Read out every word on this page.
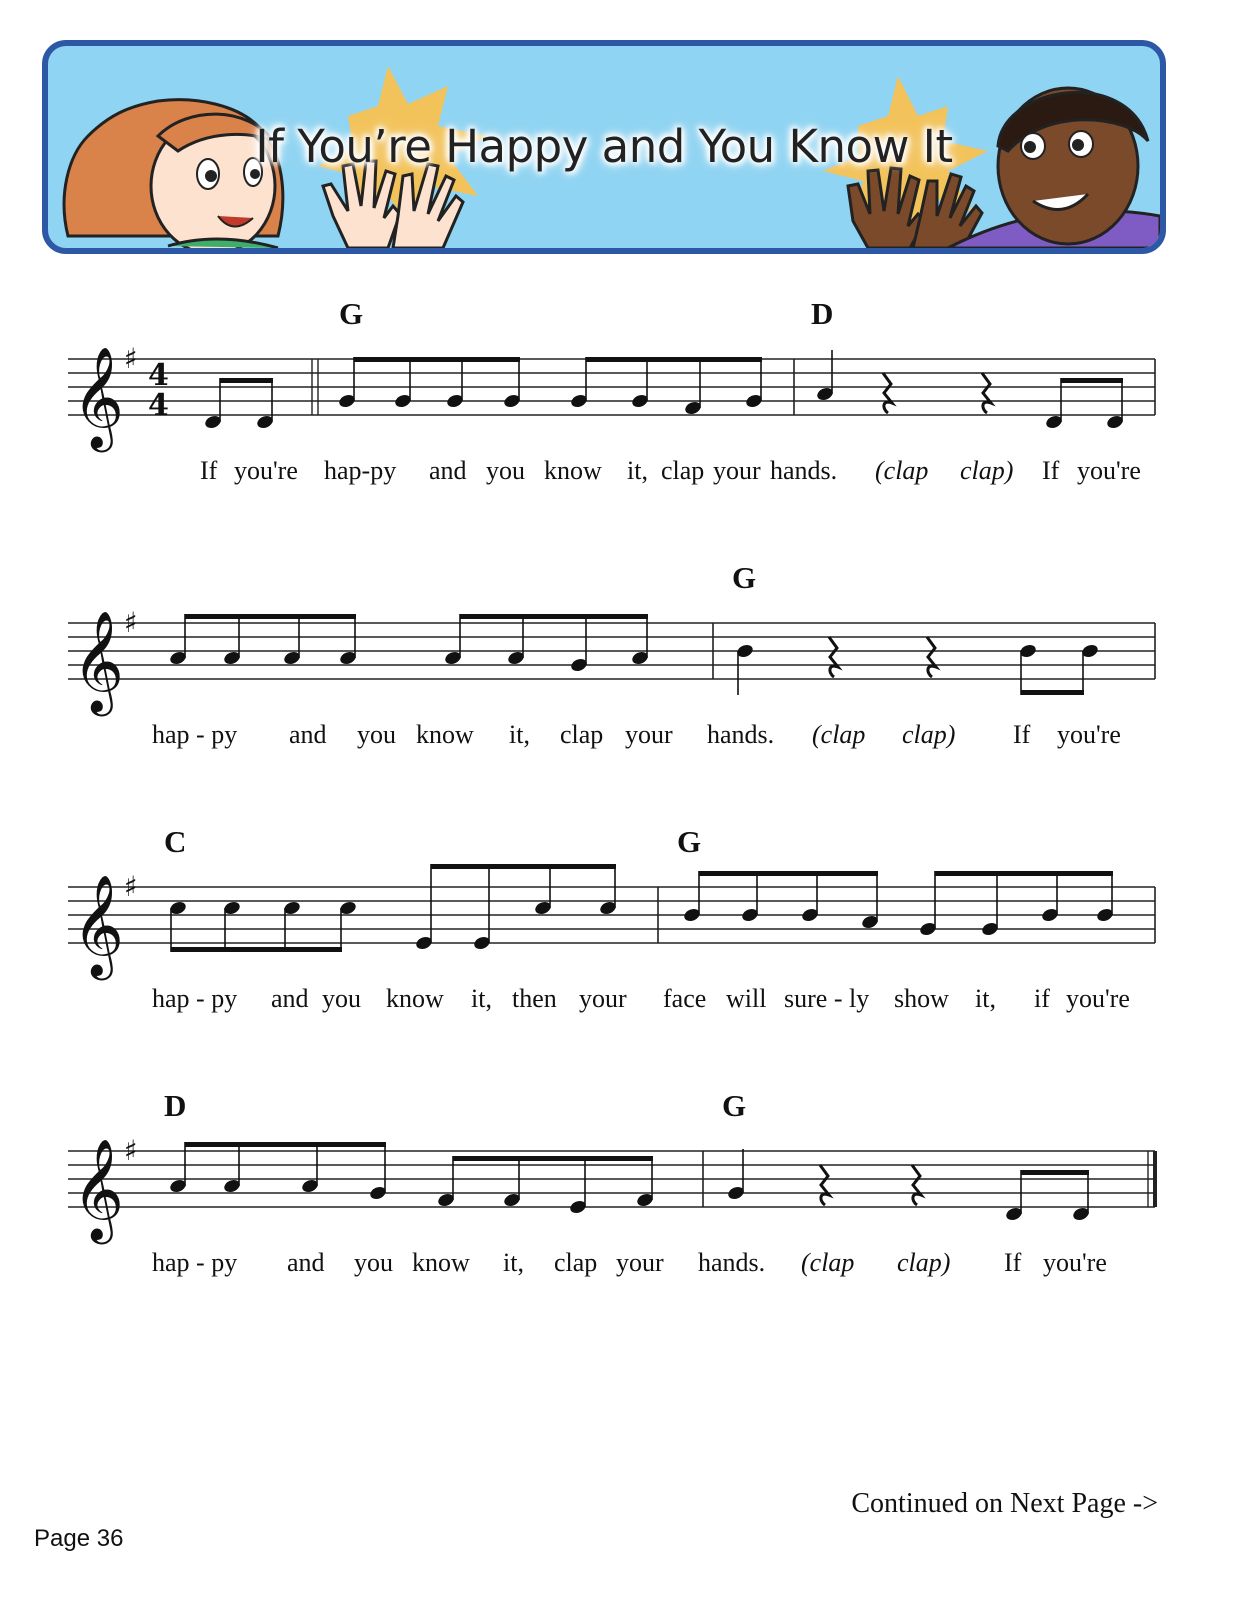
If You’re Happy and You Know It
G	D
𝄞 ♯ 4
4
If you're hap-py and you know it, clap your hands. (clap clap) If you're
G
𝄞 ♯
hap - py and you know it, clap your hands. (clap clap) If you're
C	G
𝄞 ♯
hap - py and you know it, then your face will sure - ly show it, if you're
D	G
𝄞 ♯
hap - py and you know it, clap your hands. (clap clap) If you're
Continued on Next Page ->
Page 36
